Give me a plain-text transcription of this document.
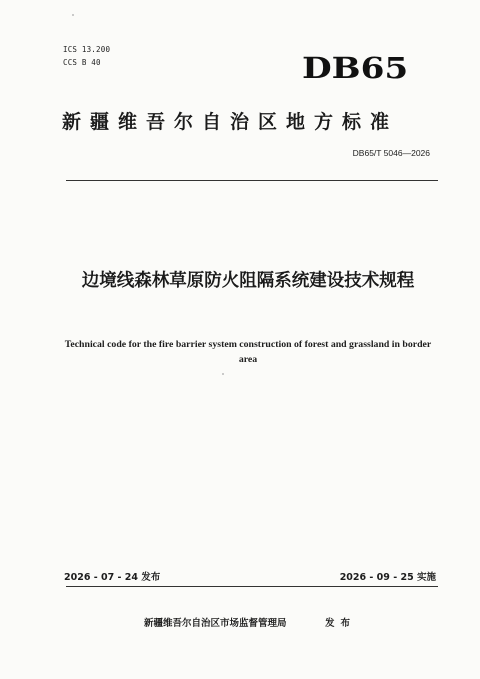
ICS 13.200
CCS B 40	DB65
新疆维吾尔自治区地方标准
DB65/T 5046—2026
边境线森林草原防火阻隔系统建设技术规程
Technical code for the fire barrier system construction of forest and grassland in border area
2026 - 07 - 24 发布	2026 - 09 - 25 实施
新疆维吾尔自治区市场监督管理局	发布
